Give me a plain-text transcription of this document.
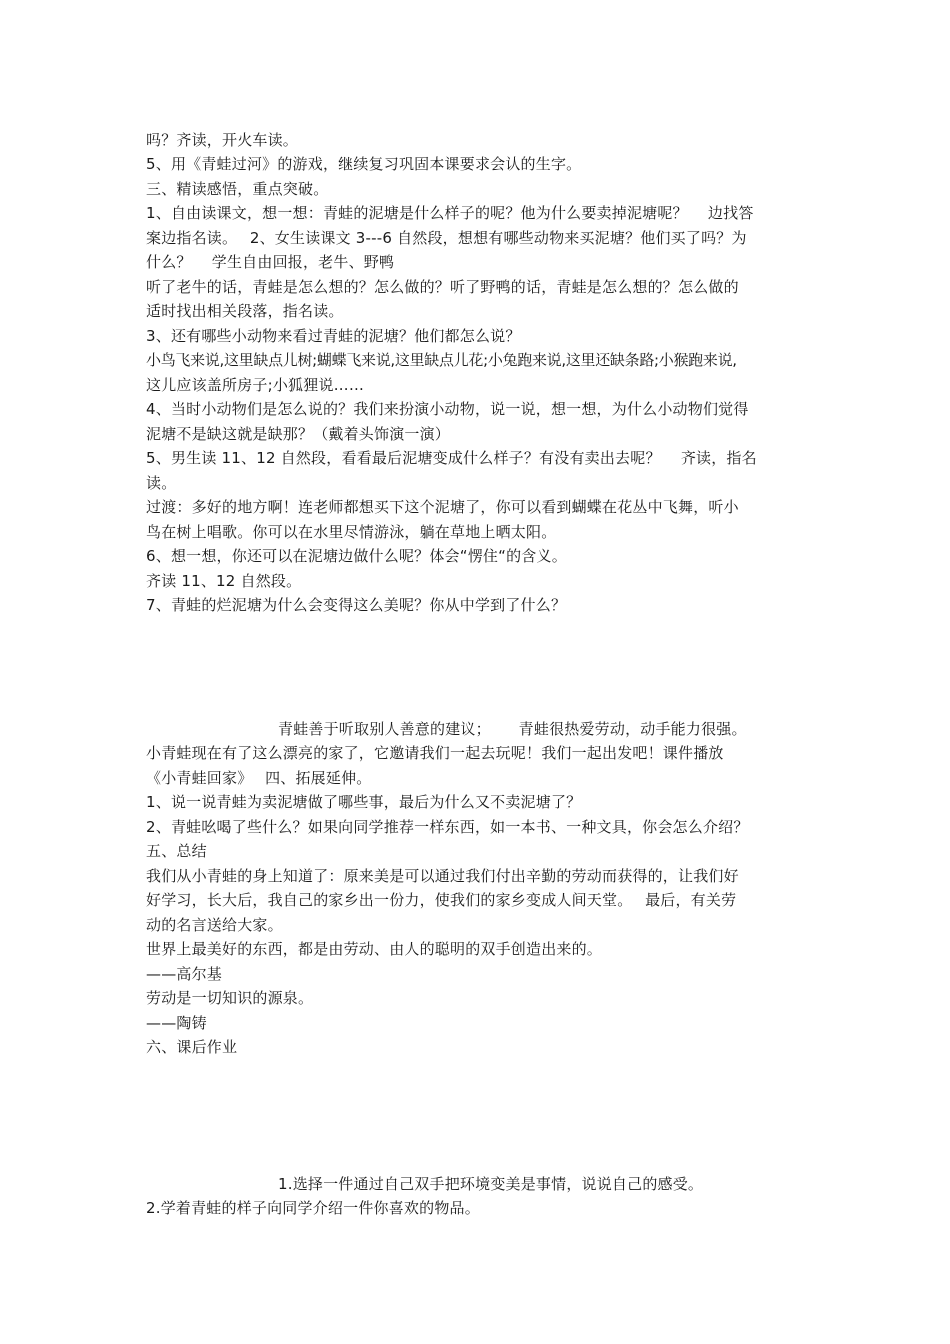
吗？齐读，开火车读。
5、用《青蛙过河》的游戏，继续复习巩固本课要求会认的生字。
三、精读感悟，重点突破。
1、自由读课文，想一想：青蛙的泥塘是什么样子的呢？他为什么要卖掉泥塘呢？　 边找答
案边指名读。　 2、女生读课文 3---6 自然段，想想有哪些动物来买泥塘？他们买了吗？为
什么？　 学生自由回报，老牛、野鸭
听了老牛的话，青蛙是怎么想的？怎么做的？听了野鸭的话，青蛙是怎么想的？怎么做的
适时找出相关段落，指名读。
3、还有哪些小动物来看过青蛙的泥塘？他们都怎么说？
小鸟飞来说,这里缺点儿树;蝴蝶飞来说,这里缺点儿花;小兔跑来说,这里还缺条路;小猴跑来说,
这儿应该盖所房子;小狐狸说……
4、当时小动物们是怎么说的？我们来扮演小动物，说一说，想一想，为什么小动物们觉得
泥塘不是缺这就是缺那？（戴着头饰演一演）
5、男生读 11、12 自然段，看看最后泥塘变成什么样子？有没有卖出去呢？　 齐读，指名
读。
过渡：多好的地方啊！连老师都想买下这个泥塘了，你可以看到蝴蝶在花丛中飞舞，听小
鸟在树上唱歌。你可以在水里尽情游泳，躺在草地上晒太阳。
6、想一想，你还可以在泥塘边做什么呢？体会“愣住“的含义。
齐读 11、12 自然段。
7、青蛙的烂泥塘为什么会变得这么美呢？你从中学到了什么？
青蛙善于听取别人善意的建议；　　 青蛙很热爱劳动，动手能力很强。
小青蛙现在有了这么漂亮的家了，它邀请我们一起去玩呢！我们一起出发吧！课件播放
《小青蛙回家》　 四、拓展延伸。
1、说一说青蛙为卖泥塘做了哪些事，最后为什么又不卖泥塘了？
2、青蛙吆喝了些什么？如果向同学推荐一样东西，如一本书、一种文具，你会怎么介绍？
五、总结
我们从小青蛙的身上知道了：原来美是可以通过我们付出辛勤的劳动而获得的，让我们好
好学习，长大后，我自己的家乡出一份力，使我们的家乡变成人间天堂。　 最后，有关劳
动的名言送给大家。
世界上最美好的东西，都是由劳动、由人的聪明的双手创造出来的。
——高尔基
劳动是一切知识的源泉。
——陶铸
六、课后作业
1.选择一件通过自己双手把环境变美是事情，说说自己的感受。
2.学着青蛙的样子向同学介绍一件你喜欢的物品。
